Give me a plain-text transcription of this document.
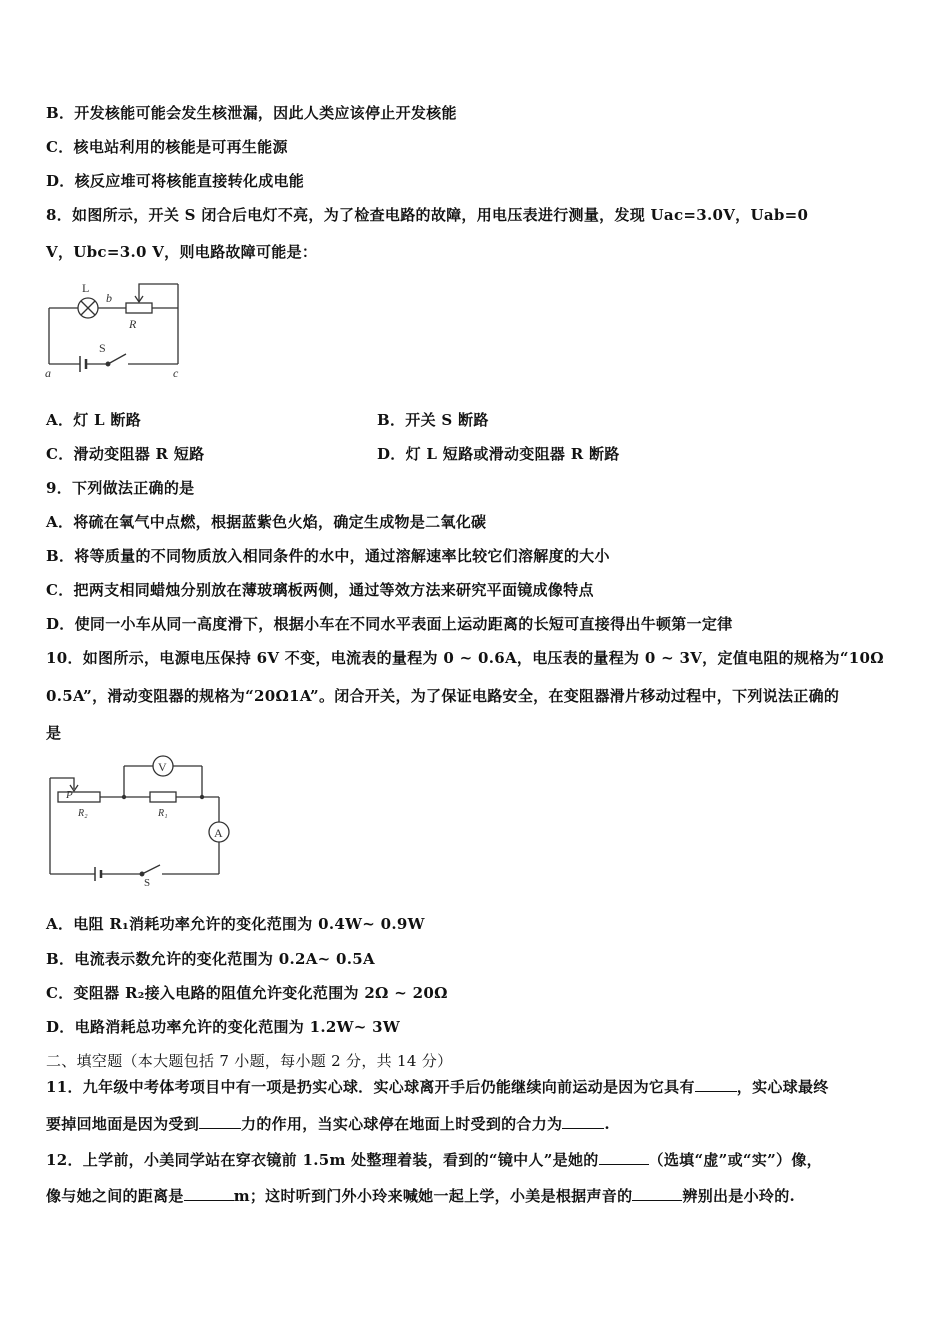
B．开发核能可能会发生核泄漏，因此人类应该停止开发核能
C．核电站利用的核能是可再生能源
D．核反应堆可将核能直接转化成电能
8．如图所示，开关 S 闭合后电灯不亮，为了检查电路的故障，用电压表进行测量，发现 Uac=3.0V，Uab=0
V，Ubc=3.0 V，则电路故障可能是：
L
b
R
S
a	c
A．灯 L 断路	B．开关 S 断路
C．滑动变阻器 R 短路	D．灯 L 短路或滑动变阻器 R 断路
9．下列做法正确的是
A．将硫在氧气中点燃，根据蓝紫色火焰，确定生成物是二氧化碳
B．将等质量的不同物质放入相同条件的水中，通过溶解速率比较它们溶解度的大小
C．把两支相同蜡烛分别放在薄玻璃板两侧，通过等效方法来研究平面镜成像特点
D．使同一小车从同一高度滑下，根据小车在不同水平表面上运动距离的长短可直接得出牛顿第一定律
10．如图所示，电源电压保持 6V 不变，电流表的量程为 0 ~ 0.6A，电压表的量程为 0 ~ 3V，定值电阻的规格为“10Ω
0.5A”，滑动变阻器的规格为“20Ω1A”。闭合开关，为了保证电路安全，在变阻器滑片移动过程中，下列说法正确的
是
V
A
P
R₂	R₁
S
A．电阻 R₁消耗功率允许的变化范围为 0.4W~ 0.9W
B．电流表示数允许的变化范围为 0.2A~ 0.5A
C．变阻器 R₂接入电路的阻值允许变化范围为 2Ω ~ 20Ω
D．电路消耗总功率允许的变化范围为 1.2W~ 3W
二、填空题（本大题包括 7 小题，每小题 2 分，共 14 分）
11．九年级中考体考项目中有一项是扔实心球．实心球离开手后仍能继续向前运动是因为它具有	，实心球最终
要掉回地面是因为受到	力的作用，当实心球停在地面上时受到的合力为	.
12．上学前，小美同学站在穿衣镜前 1.5m 处整理着装，看到的“镜中人”是她的	（选填“虚”或“实”）像，
像与她之间的距离是	m；这时听到门外小玲来喊她一起上学，小美是根据声音的	辨别出是小玲的.
